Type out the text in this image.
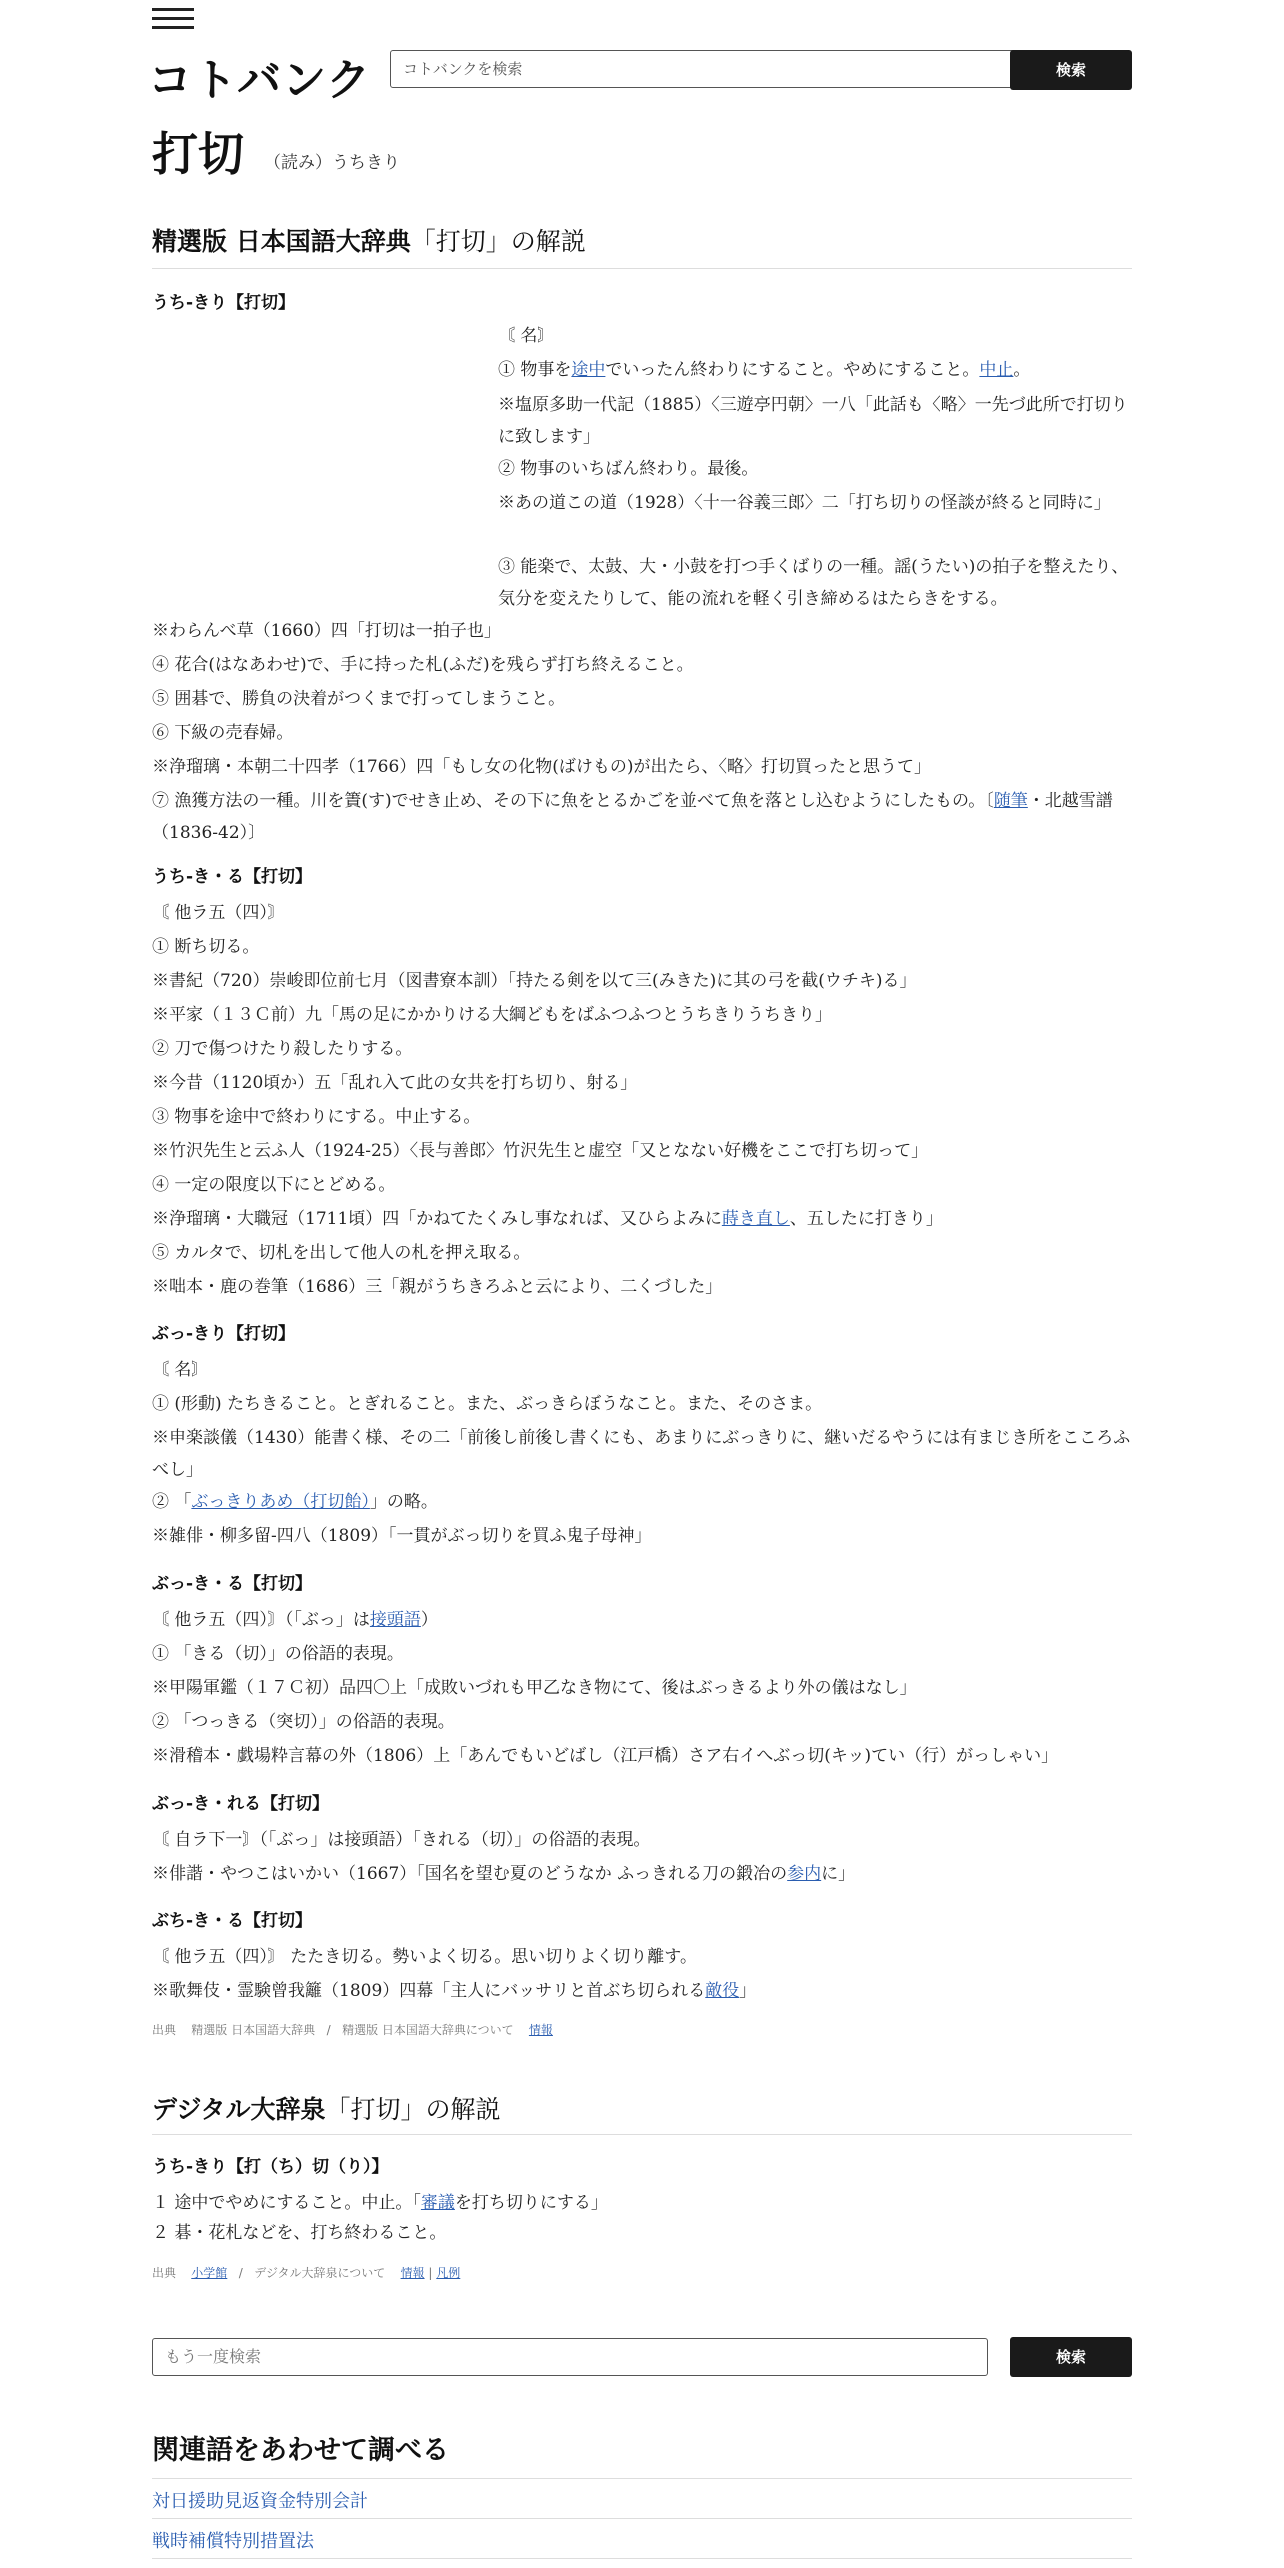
コトバンク	コトバンクを検索	検索
打切 （読み）うちきり
精選版 日本国語大辞典「打切」の解説
うち‐きり【打切】
〘 名〙
① 物事を途中でいったん終わりにすること。やめにすること。中止。
※塩原多助一代記（1885）〈三遊亭円朝〉一八「此話も〈略〉一先づ此所で打切りに致します」
② 物事のいちばん終わり。最後。
※あの道この道（1928）〈十一谷義三郎〉二「打ち切りの怪談が終ると同時に」
③ 能楽で、太鼓、大・小鼓を打つ手くばりの一種。謡(うたい)の拍子を整えたり、気分を変えたりして、能の流れを軽く引き締めるはたらきをする。
※わらんべ草（1660）四「打切は一拍子也」
④ 花合(はなあわせ)で、手に持った札(ふだ)を残らず打ち終えること。
⑤ 囲碁で、勝負の決着がつくまで打ってしまうこと。
⑥ 下級の売春婦。
※浄瑠璃・本朝二十四孝（1766）四「もし女の化物(ばけもの)が出たら、〈略〉打切買ったと思うて」
⑦ 漁獲方法の一種。川を簀(す)でせき止め、その下に魚をとるかごを並べて魚を落とし込むようにしたもの。〔随筆・北越雪譜（1836‐42）〕
うち‐き・る【打切】
〘 他ラ五（四）〙
① 断ち切る。
※書紀（720）崇峻即位前七月（図書寮本訓）「持たる剣を以て三(みきた)に其の弓を截(ウチキ)る」
※平家（１３Ｃ前）九「馬の足にかかりける大綱どもをばふつふつとうちきりうちきり」
② 刀で傷つけたり殺したりする。
※今昔（1120頃か）五「乱れ入て此の女共を打ち切り、射る」
③ 物事を途中で終わりにする。中止する。
※竹沢先生と云ふ人（1924‐25）〈長与善郎〉竹沢先生と虚空「又となない好機をここで打ち切って」
④ 一定の限度以下にとどめる。
※浄瑠璃・大職冠（1711頃）四「かねてたくみし事なれば、又ひらよみに蒔き直し、五したに打きり」
⑤ カルタで、切札を出して他人の札を押え取る。
※咄本・鹿の巻筆（1686）三「親がうちきろふと云により、二くづした」
ぶっ‐きり【打切】
〘 名〙
① (形動) たちきること。とぎれること。また、ぶっきらぼうなこと。また、そのさま。
※申楽談儀（1430）能書く様、その二「前後し前後し書くにも、あまりにぶっきりに、継いだるやうには有まじき所をこころふべし」
② 「ぶっきりあめ（打切飴）」の略。
※雑俳・柳多留‐四八（1809）「一貫がぶっ切りを買ふ鬼子母神」
ぶっ‐き・る【打切】
〘 他ラ五（四）〙（「ぶっ」は接頭語）
① 「きる（切）」の俗語的表現。
※甲陽軍鑑（１７Ｃ初）品四〇上「成敗いづれも甲乙なき物にて、後はぶっきるより外の儀はなし」
② 「つっきる（突切）」の俗語的表現。
※滑稽本・戯場粋言幕の外（1806）上「あんでもいどばし（江戸橋）さア右イへぶっ切(キッ)てい（行）がっしゃい」
ぶっ‐き・れる【打切】
〘 自ラ下一〙（「ぶっ」は接頭語）「きれる（切）」の俗語的表現。
※俳諧・やつこはいかい（1667）「国名を望む夏のどうなか ふっきれる刀の鍛冶の参内に」
ぶち‐き・る【打切】
〘 他ラ五（四）〙 たたき切る。勢いよく切る。思い切りよく切り離す。
※歌舞伎・霊験曾我籬（1809）四幕「主人にバッサリと首ぶち切られる敵役」
出典 精選版 日本国語大辞典 / 精選版 日本国語大辞典について 情報
デジタル大辞泉「打切」の解説
うち‐きり【打（ち）切（り）】
１ 途中でやめにすること。中止。「審議を打ち切りにする」
２ 碁・花札などを、打ち終わること。
出典 小学館 / デジタル大辞泉について 情報 | 凡例
もう一度検索	検索
関連語をあわせて調べる
対日援助見返資金特別会計
戦時補償特別措置法
